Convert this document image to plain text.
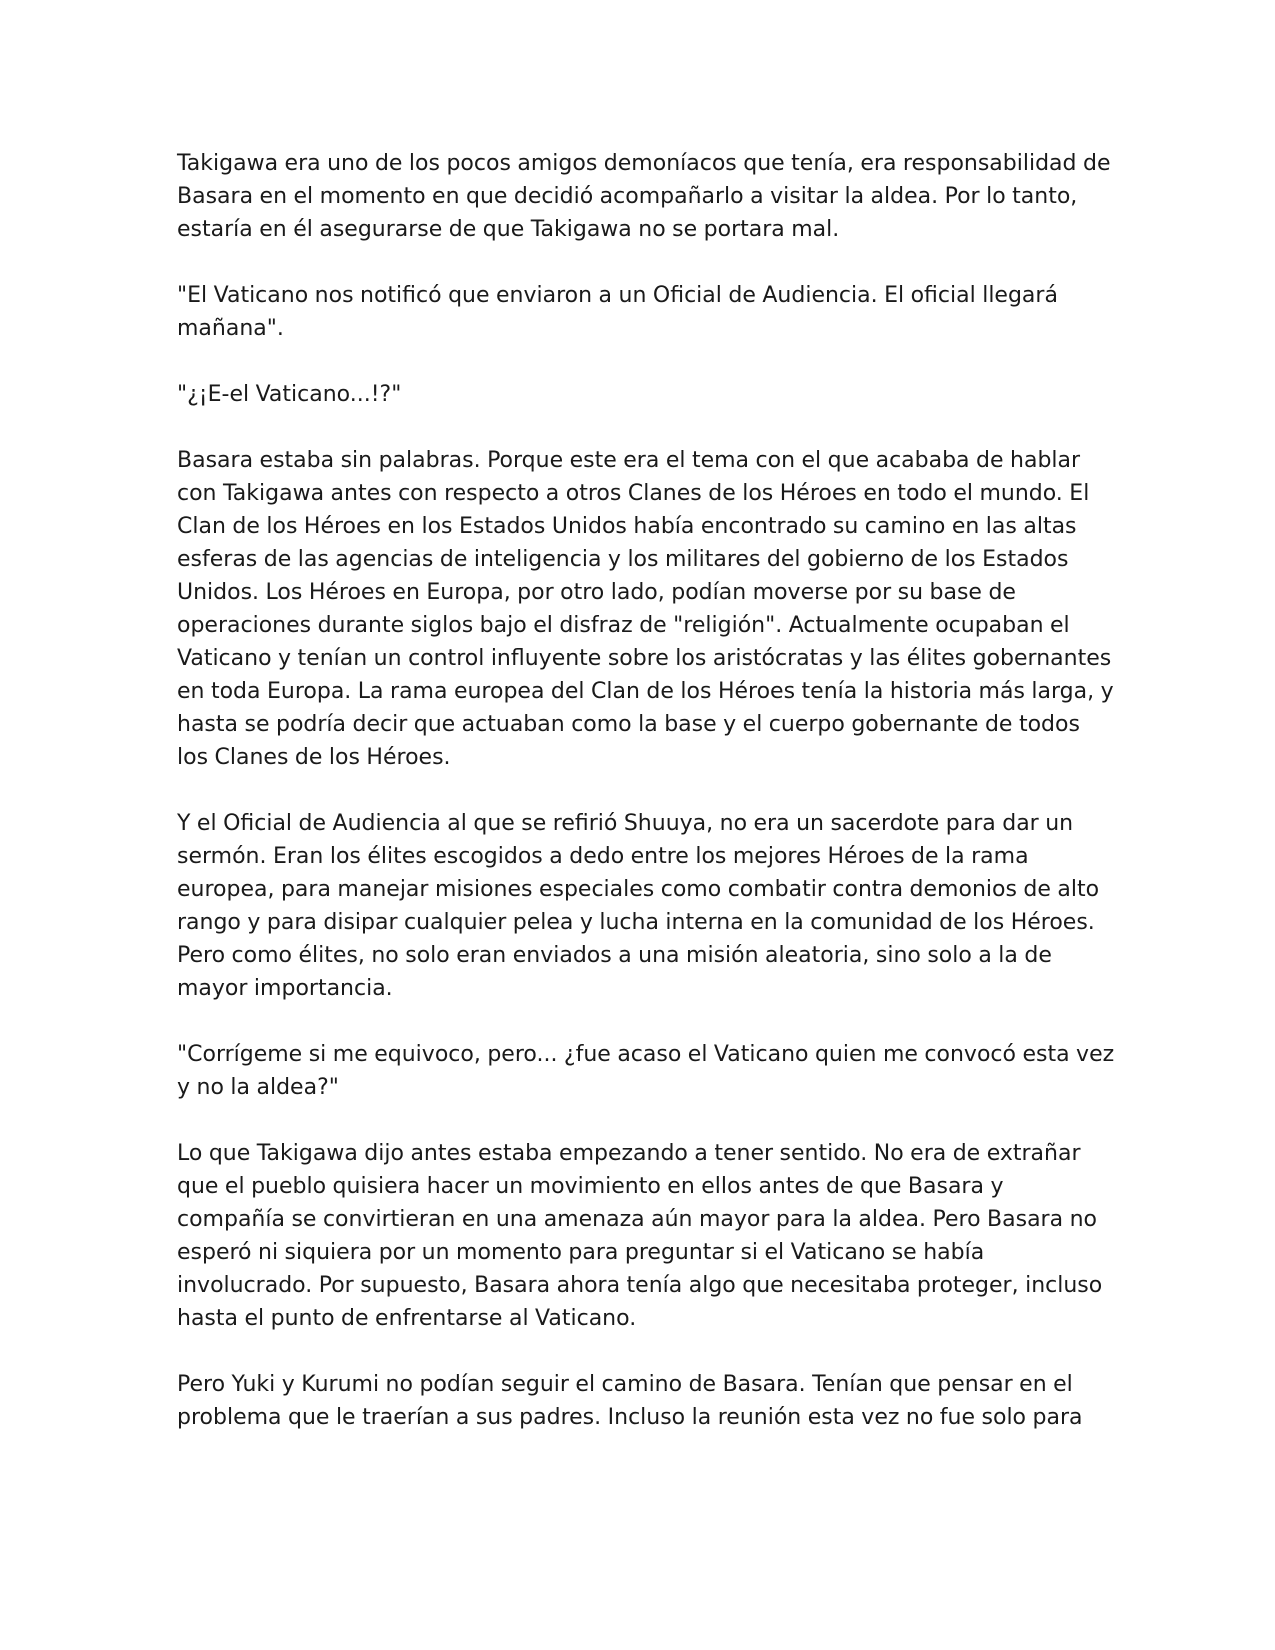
Takigawa era uno de los pocos amigos demoníacos que tenía, era responsabilidad de Basara en el momento en que decidió acompañarlo a visitar la aldea. Por lo tanto, estaría en él asegurarse de que Takigawa no se portara mal.

"El Vaticano nos notificó que enviaron a un Oficial de Audiencia. El oficial llegará mañana".

"¿¡E-el Vaticano...!?"

Basara estaba sin palabras. Porque este era el tema con el que acababa de hablar con Takigawa antes con respecto a otros Clanes de los Héroes en todo el mundo. El Clan de los Héroes en los Estados Unidos había encontrado su camino en las altas esferas de las agencias de inteligencia y los militares del gobierno de los Estados Unidos. Los Héroes en Europa, por otro lado, podían moverse por su base de operaciones durante siglos bajo el disfraz de "religión". Actualmente ocupaban el Vaticano y tenían un control influyente sobre los aristócratas y las élites gobernantes en toda Europa. La rama europea del Clan de los Héroes tenía la historia más larga, y hasta se podría decir que actuaban como la base y el cuerpo gobernante de todos los Clanes de los Héroes.

Y el Oficial de Audiencia al que se refirió Shuuya, no era un sacerdote para dar un sermón. Eran los élites escogidos a dedo entre los mejores Héroes de la rama europea, para manejar misiones especiales como combatir contra demonios de alto rango y para disipar cualquier pelea y lucha interna en la comunidad de los Héroes. Pero como élites, no solo eran enviados a una misión aleatoria, sino solo a la de mayor importancia.

"Corrígeme si me equivoco, pero... ¿fue acaso el Vaticano quien me convocó esta vez y no la aldea?"

Lo que Takigawa dijo antes estaba empezando a tener sentido. No era de extrañar que el pueblo quisiera hacer un movimiento en ellos antes de que Basara y compañía se convirtieran en una amenaza aún mayor para la aldea. Pero Basara no esperó ni siquiera por un momento para preguntar si el Vaticano se había involucrado. Por supuesto, Basara ahora tenía algo que necesitaba proteger, incluso hasta el punto de enfrentarse al Vaticano.

Pero Yuki y Kurumi no podían seguir el camino de Basara. Tenían que pensar en el problema que le traerían a sus padres. Incluso la reunión esta vez no fue solo para
